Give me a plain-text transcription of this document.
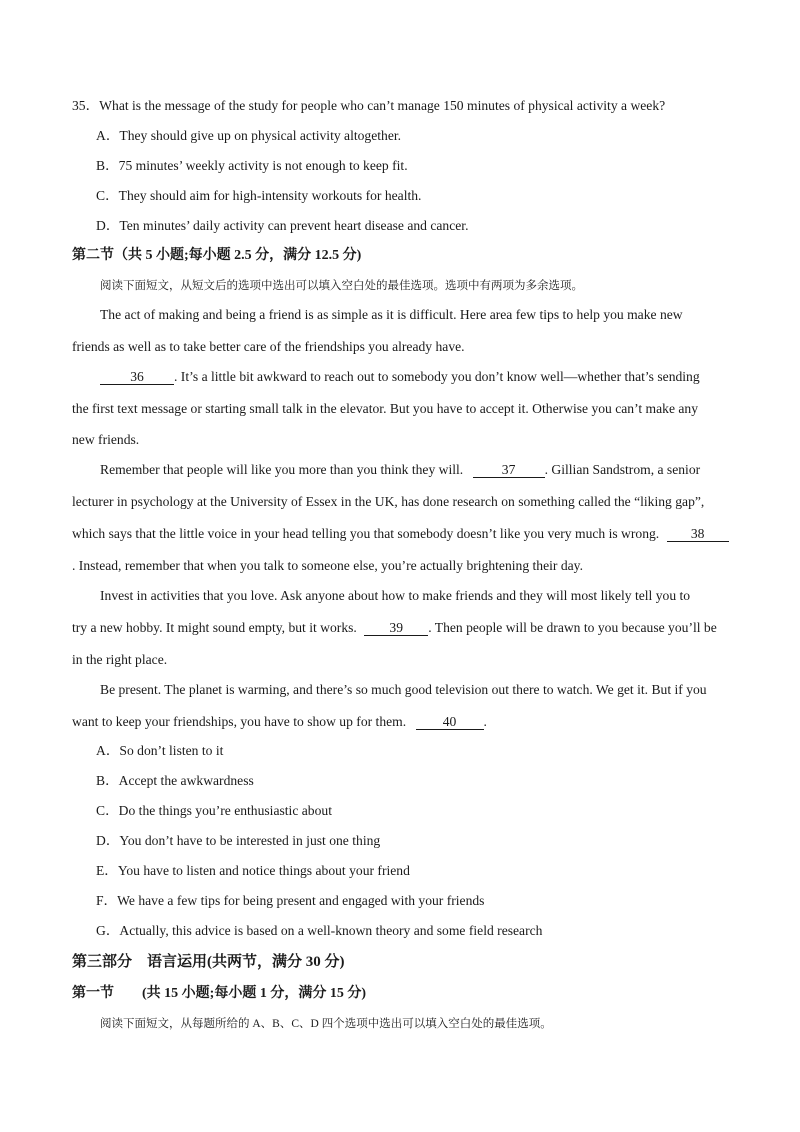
35．What is the message of the study for people who can’t manage 150 minutes of physical activity a week?
A．They should give up on physical activity altogether.
B．75 minutes’ weekly activity is not enough to keep fit.
C．They should aim for high-intensity workouts for health.
D．Ten minutes’ daily activity can prevent heart disease and cancer.
第二节（共 5 小题;每小题 2.5 分，满分 12.5 分)
阅读下面短文，从短文后的选项中选出可以填入空白处的最佳选项。选项中有两项为多余选项。
The act of making and being a friend is as simple as it is difficult. Here area few tips to help you make new
friends as well as to take better care of the friendships you already have.
36 . It’s a little bit awkward to reach out to somebody you don’t know well—whether that’s sending
the first text message or starting small talk in the elevator. But you have to accept it. Otherwise you can’t make any
new friends.
Remember that people will like you more than you think they will.	37 . Gillian Sandstrom, a senior
lecturer in psychology at the University of Essex in the UK, has done research on something called the “liking gap”,
which says that the little voice in your head telling you that somebody doesn’t like you very much is wrong. 38
. Instead, remember that when you talk to someone else, you’re actually brightening their day.
Invest in activities that you love. Ask anyone about how to make friends and they will most likely tell you to
try a new hobby. It might sound empty, but it works. 39 . Then people will be drawn to you because you’ll be
in the right place.
Be present. The planet is warming, and there’s so much good television out there to watch. We get it. But if you
want to keep your friendships, you have to show up for them.	40 .
A．So don’t listen to it
B．Accept the awkwardness
C．Do the things you’re enthusiastic about
D．You don’t have to be interested in just one thing
E．You have to listen and notice things about your friend
F．We have a few tips for being present and engaged with your friends
G．Actually, this advice is based on a well-known theory and some field research
第三部分　语言运用(共两节，满分 30 分)
第一节　　(共 15 小题;每小题 1 分，满分 15 分)
阅读下面短文，从每题所给的 A、B、C、D 四个选项中选出可以填入空白处的最佳选项。
